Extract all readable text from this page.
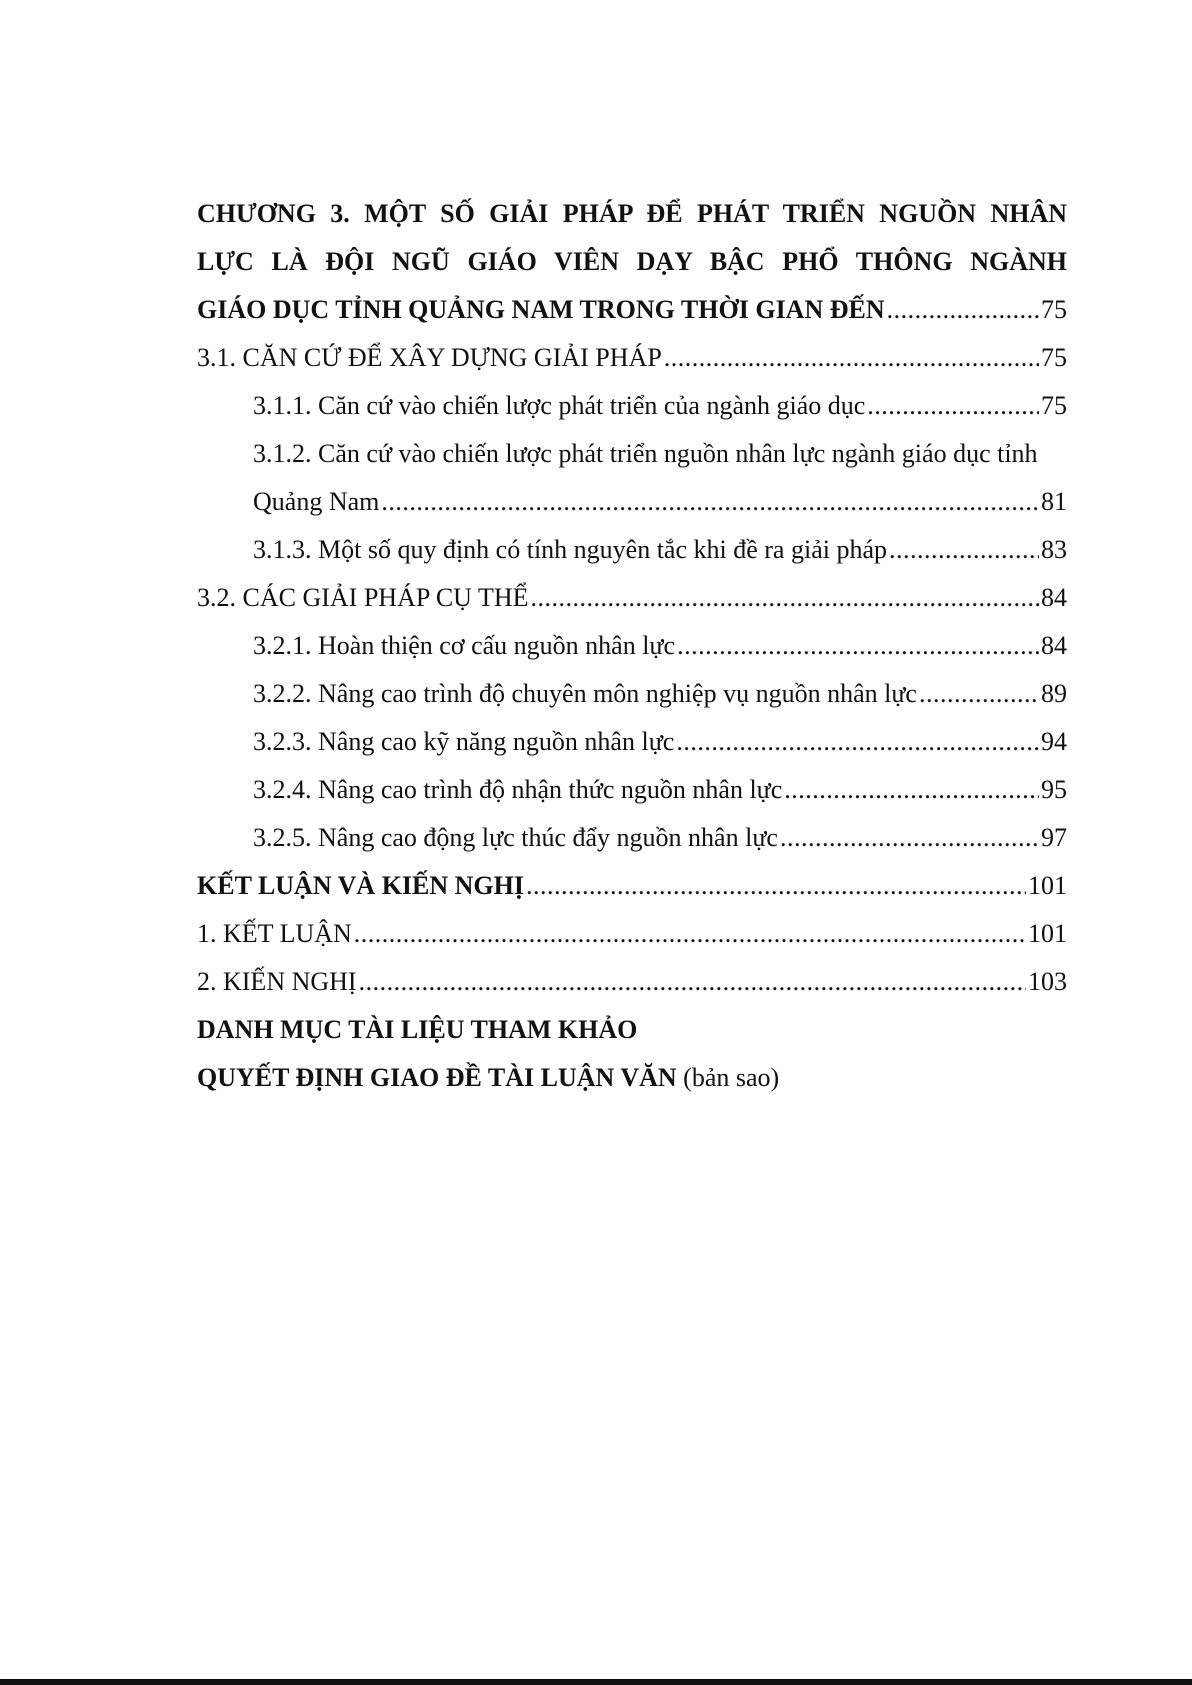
CHƯƠNG 3. MỘT SỐ GIẢI PHÁP ĐỂ PHÁT TRIỂN NGUỒN NHÂN
LỰC LÀ ĐỘI NGŨ GIÁO VIÊN DẠY BẬC PHỔ THÔNG NGÀNH
GIÁO DỤC TỈNH QUẢNG NAM TRONG THỜI GIAN ĐẾN .....	75
3.1. CĂN CỨ ĐỂ XÂY DỰNG GIẢI PHÁP .....	75
3.1.1. Căn cứ vào chiến lược phát triển của ngành giáo dục .....	75
3.1.2. Căn cứ vào chiến lược phát triển nguồn nhân lực ngành giáo dục tỉnh
Quảng Nam .....	81
3.1.3. Một số quy định có tính nguyên tắc khi đề ra giải pháp .....	83
3.2. CÁC GIẢI PHÁP CỤ THỂ .....	84
3.2.1. Hoàn thiện cơ cấu nguồn nhân lực .....	84
3.2.2. Nâng cao trình độ chuyên môn nghiệp vụ nguồn nhân lực .....	89
3.2.3. Nâng cao kỹ năng nguồn nhân lực .....	94
3.2.4. Nâng cao trình độ nhận thức nguồn nhân lực .....	95
3.2.5. Nâng cao động lực thúc đẩy nguồn nhân lực .....	97
KẾT LUẬN VÀ KIẾN NGHỊ .....	101
1. KẾT LUẬN .....	101
2. KIẾN NGHỊ .....	103
DANH MỤC TÀI LIỆU THAM KHẢO
QUYẾT ĐỊNH GIAO ĐỀ TÀI LUẬN VĂN (bản sao)
